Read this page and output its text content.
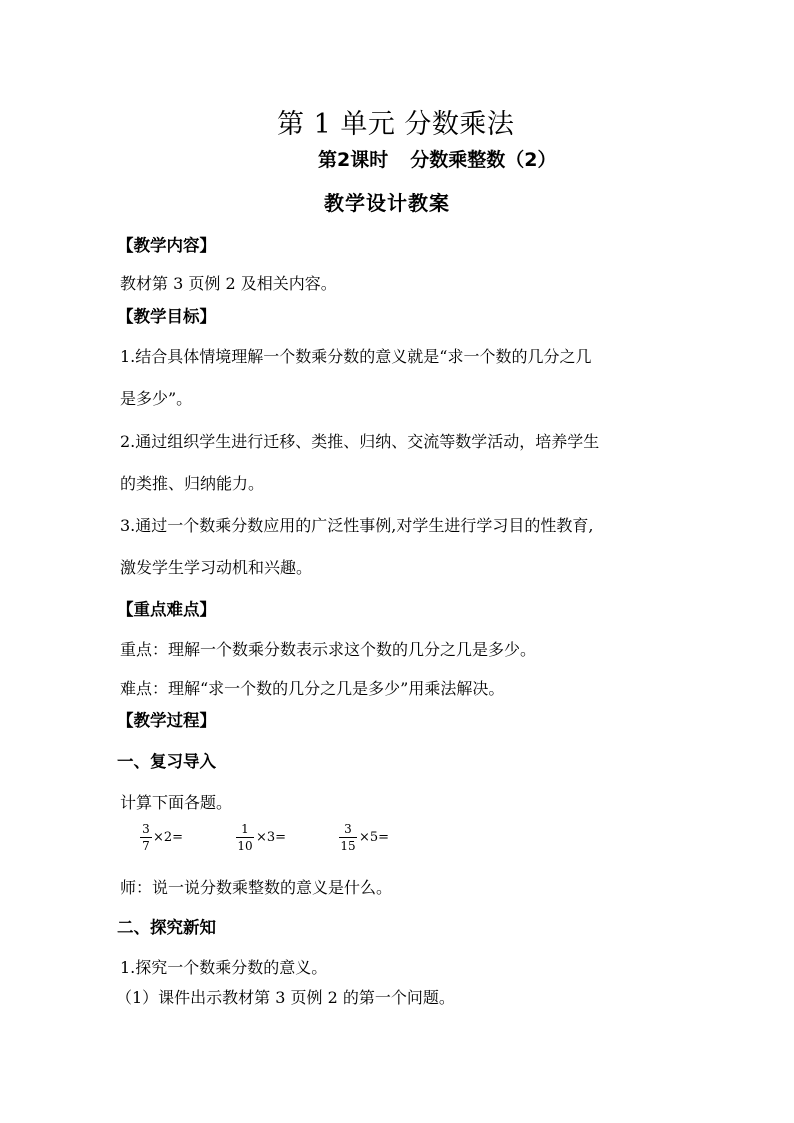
第 1 单元 分数乘法
第2课时 分数乘整数（2）
教学设计教案
【教学内容】
教材第 3 页例 2 及相关内容。
【教学目标】
1.结合具体情境理解一个数乘分数的意义就是“求一个数的几分之几
是多少”。
2.通过组织学生进行迁移、类推、归纳、交流等数学活动，培养学生
的类推、归纳能力。
3.通过一个数乘分数应用的广泛性事例,对学生进行学习目的性教育,
激发学生学习动机和兴趣。
【重点难点】
重点：理解一个数乘分数表示求这个数的几分之几是多少。
难点：理解“求一个数的几分之几是多少”用乘法解决。
【教学过程】
一、复习导入
计算下面各题。
3
7
×2=
1
10
×3=
3
15
×5=
师：说一说分数乘整数的意义是什么。
二、探究新知
1.探究一个数乘分数的意义。
（1）课件出示教材第 3 页例 2 的第一个问题。
